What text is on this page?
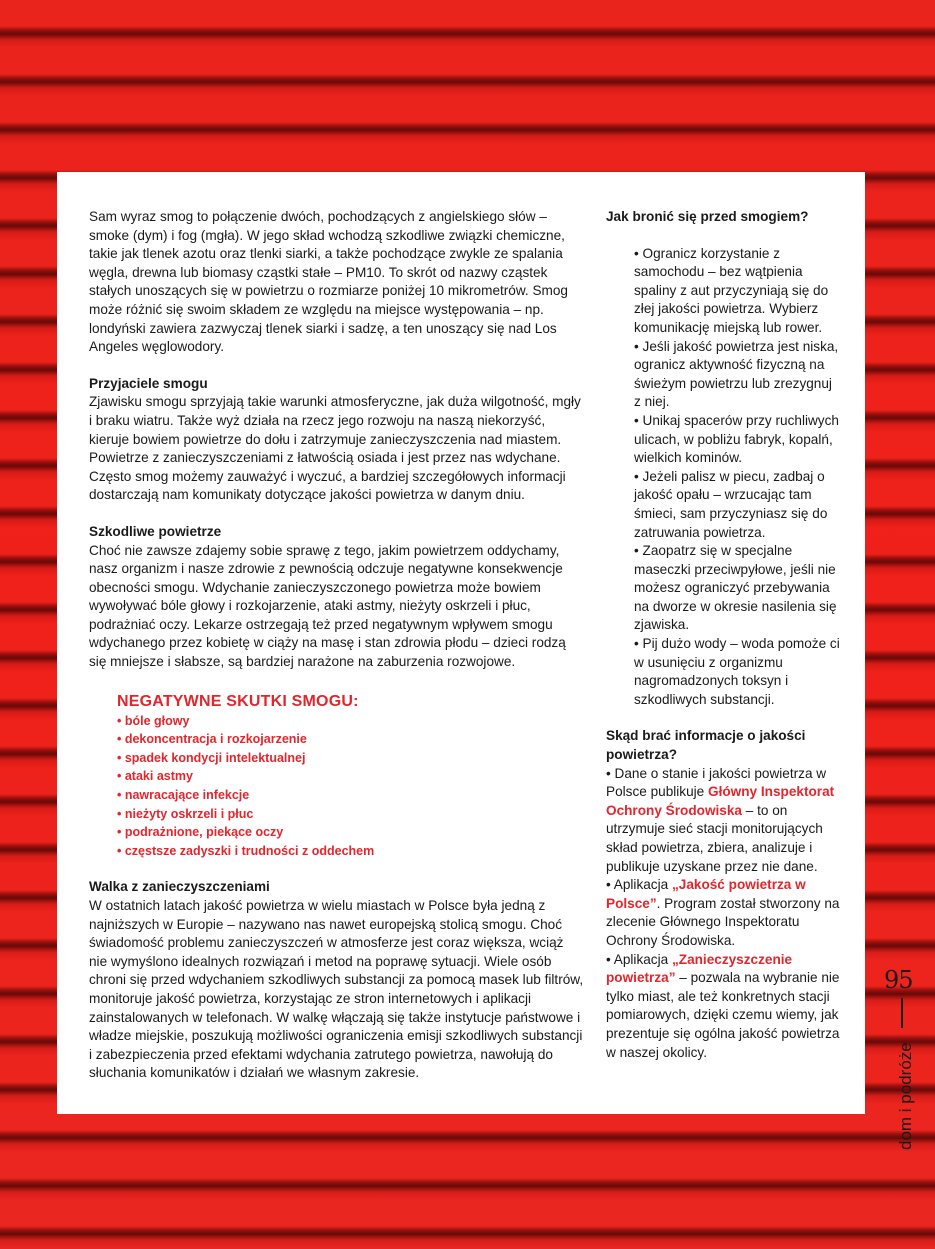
Sam wyraz smog to połączenie dwóch, pochodzących z angielskiego słów – smoke (dym) i fog (mgła). W jego skład wchodzą szkodliwe związki chemiczne, takie jak tlenek azotu oraz tlenki siarki, a także pochodzące zwykle ze spalania węgla, drewna lub biomasy cząstki stałe – PM10. To skrót od nazwy cząstek stałych unoszących się w powietrzu o rozmiarze poniżej 10 mikrometrów. Smog może różnić się swoim składem ze względu na miejsce występowania – np. londyński zawiera zazwyczaj tlenek siarki i sadzę, a ten unoszący się nad Los Angeles węglowodory.

Przyjaciele smogu

Zjawisku smogu sprzyjają takie warunki atmosferyczne, jak duża wilgotność, mgły i braku wiatru. Także wyż działa na rzecz jego rozwoju na naszą niekorzyść, kieruje bowiem powietrze do dołu i zatrzymuje zanieczyszczenia nad miastem. Powietrze z zanieczyszczeniami z łatwością osiada i jest przez nas wdychane. Często smog możemy zauważyć i wyczuć, a bardziej szczegółowych informacji dostarczają nam komunikaty dotyczące jakości powietrza w danym dniu.

Szkodliwe powietrze

Choć nie zawsze zdajemy sobie sprawę z tego, jakim powietrzem oddychamy, nasz organizm i nasze zdrowie z pewnością odczuje negatywne konsekwencje obecności smogu. Wdychanie zanieczyszczonego powietrza może bowiem wywoływać bóle głowy i rozkojarzenie, ataki astmy, nieżyty oskrzeli i płuc, podrażniać oczy. Lekarze ostrzegają też przed negatywnym wpływem smogu wdychanego przez kobietę w ciąży na masę i stan zdrowia płodu – dzieci rodzą się mniejsze i słabsze, są bardziej narażone na zaburzenia rozwojowe.

NEGATYWNE SKUTKI SMOGU:
• bóle głowy
• dekoncentracja i rozkojarzenie
• spadek kondycji intelektualnej
• ataki astmy
• nawracające infekcje
• nieżyty oskrzeli i płuc
• podrażnione, piekące oczy
• częstsze zadyszki i trudności z oddechem

Walka z zanieczyszczeniami

W ostatnich latach jakość powietrza w wielu miastach w Polsce była jedną z najniższych w Europie – nazywano nas nawet europejską stolicą smogu. Choć świadomość problemu zanieczyszczeń w atmosferze jest coraz większa, wciąż nie wymyślono idealnych rozwiązań i metod na poprawę sytuacji. Wiele osób chroni się przed wdychaniem szkodliwych substancji za pomocą masek lub filtrów, monitoruje jakość powietrza, korzystając ze stron internetowych i aplikacji zainstalowanych w telefonach. W walkę włączają się także instytucje państwowe i władze miejskie, poszukują możliwości ograniczenia emisji szkodliwych substancji i zabezpieczenia przed efektami wdychania zatrutego powietrza, nawołują do słuchania komunikatów i działań we własnym zakresie.

Jak bronić się przed smogiem?

• Ogranicz korzystanie z samochodu – bez wątpienia spaliny z aut przyczyniają się do złej jakości powietrza. Wybierz komunikację miejską lub rower.

• Jeśli jakość powietrza jest niska, ogranicz aktywność fizyczną na świeżym powietrzu lub zrezygnuj z niej.

• Unikaj spacerów przy ruchliwych ulicach, w pobliżu fabryk, kopalń, wielkich kominów.

• Jeżeli palisz w piecu, zadbaj o jakość opału – wrzucając tam śmieci, sam przyczyniasz się do zatruwania powietrza.

• Zaopatrz się w specjalne maseczki przeciwpyłowe, jeśli nie możesz ograniczyć przebywania na dworze w okresie nasilenia się zjawiska.

• Pij dużo wody – woda pomoże ci w usunięciu z organizmu nagromadzonych toksyn i szkodliwych substancji.

Skąd brać informacje o jakości powietrza?

• Dane o stanie i jakości powietrza w Polsce publikuje Główny Inspektorat Ochrony Środowiska – to on utrzymuje sieć stacji monitorujących skład powietrza, zbiera, analizuje i publikuje uzyskane przez nie dane.

• Aplikacja „Jakość powietrza w Polsce”. Program został stworzony na zlecenie Głównego Inspektoratu Ochrony Środowiska.

• Aplikacja „Zanieczyszczenie powietrza” – pozwala na wybranie nie tylko miast, ale też konkretnych stacji pomiarowych, dzięki czemu wiemy, jak prezentuje się ogólna jakość powietrza w naszej okolicy.

95
dom i podróże
